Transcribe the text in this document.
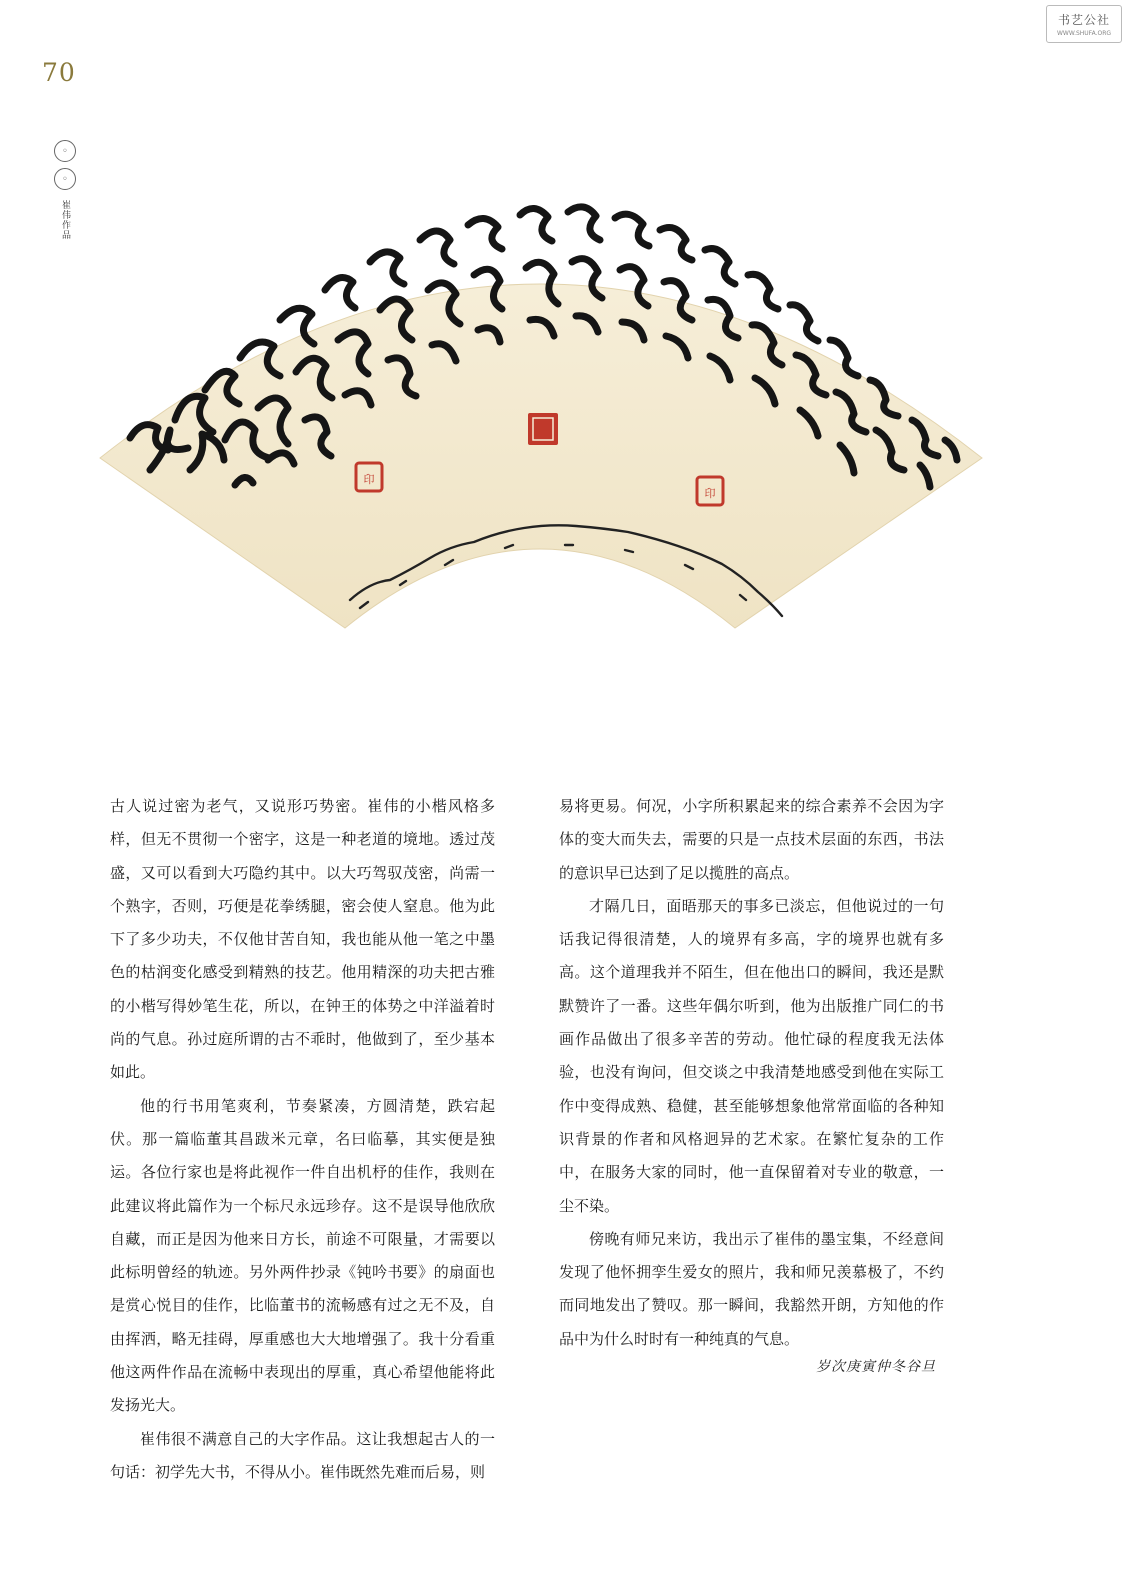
70
书艺公社
WWW.SHUFA.ORG
◦
◦
崔伟作品
印
印

古人说过密为老气，又说形巧势密。崔伟的小楷风格多样，但无不贯彻一个密字，这是一种老道的境地。透过茂盛，又可以看到大巧隐约其中。以大巧驾驭茂密，尚需一个熟字，否则，巧便是花拳绣腿，密会使人窒息。他为此下了多少功夫，不仅他甘苦自知，我也能从他一笔之中墨色的枯润变化感受到精熟的技艺。他用精深的功夫把古雅的小楷写得妙笔生花，所以，在钟王的体势之中洋溢着时尚的气息。孙过庭所谓的古不乖时，他做到了，至少基本如此。

他的行书用笔爽利，节奏紧凑，方圆清楚，跌宕起伏。那一篇临董其昌跋米元章，名曰临摹，其实便是独运。各位行家也是将此视作一件自出机杼的佳作，我则在此建议将此篇作为一个标尺永远珍存。这不是误导他欣欣自藏，而正是因为他来日方长，前途不可限量，才需要以此标明曾经的轨迹。另外两件抄录《钝吟书要》的扇面也是赏心悦目的佳作，比临董书的流畅感有过之无不及，自由挥洒，略无挂碍，厚重感也大大地增强了。我十分看重他这两件作品在流畅中表现出的厚重，真心希望他能将此发扬光大。

崔伟很不满意自己的大字作品。这让我想起古人的一句话：初学先大书，不得从小。崔伟既然先难而后易，则

易将更易。何况，小字所积累起来的综合素养不会因为字体的变大而失去，需要的只是一点技术层面的东西，书法的意识早已达到了足以揽胜的高点。

才隔几日，面晤那天的事多已淡忘，但他说过的一句话我记得很清楚，人的境界有多高，字的境界也就有多高。这个道理我并不陌生，但在他出口的瞬间，我还是默默赞许了一番。这些年偶尔听到，他为出版推广同仁的书画作品做出了很多辛苦的劳动。他忙碌的程度我无法体验，也没有询问，但交谈之中我清楚地感受到他在实际工作中变得成熟、稳健，甚至能够想象他常常面临的各种知识背景的作者和风格迥异的艺术家。在繁忙复杂的工作中，在服务大家的同时，他一直保留着对专业的敬意，一尘不染。

傍晚有师兄来访，我出示了崔伟的墨宝集，不经意间发现了他怀拥孪生爱女的照片，我和师兄羡慕极了，不约而同地发出了赞叹。那一瞬间，我豁然开朗，方知他的作品中为什么时时有一种纯真的气息。

岁次庚寅仲冬谷旦
